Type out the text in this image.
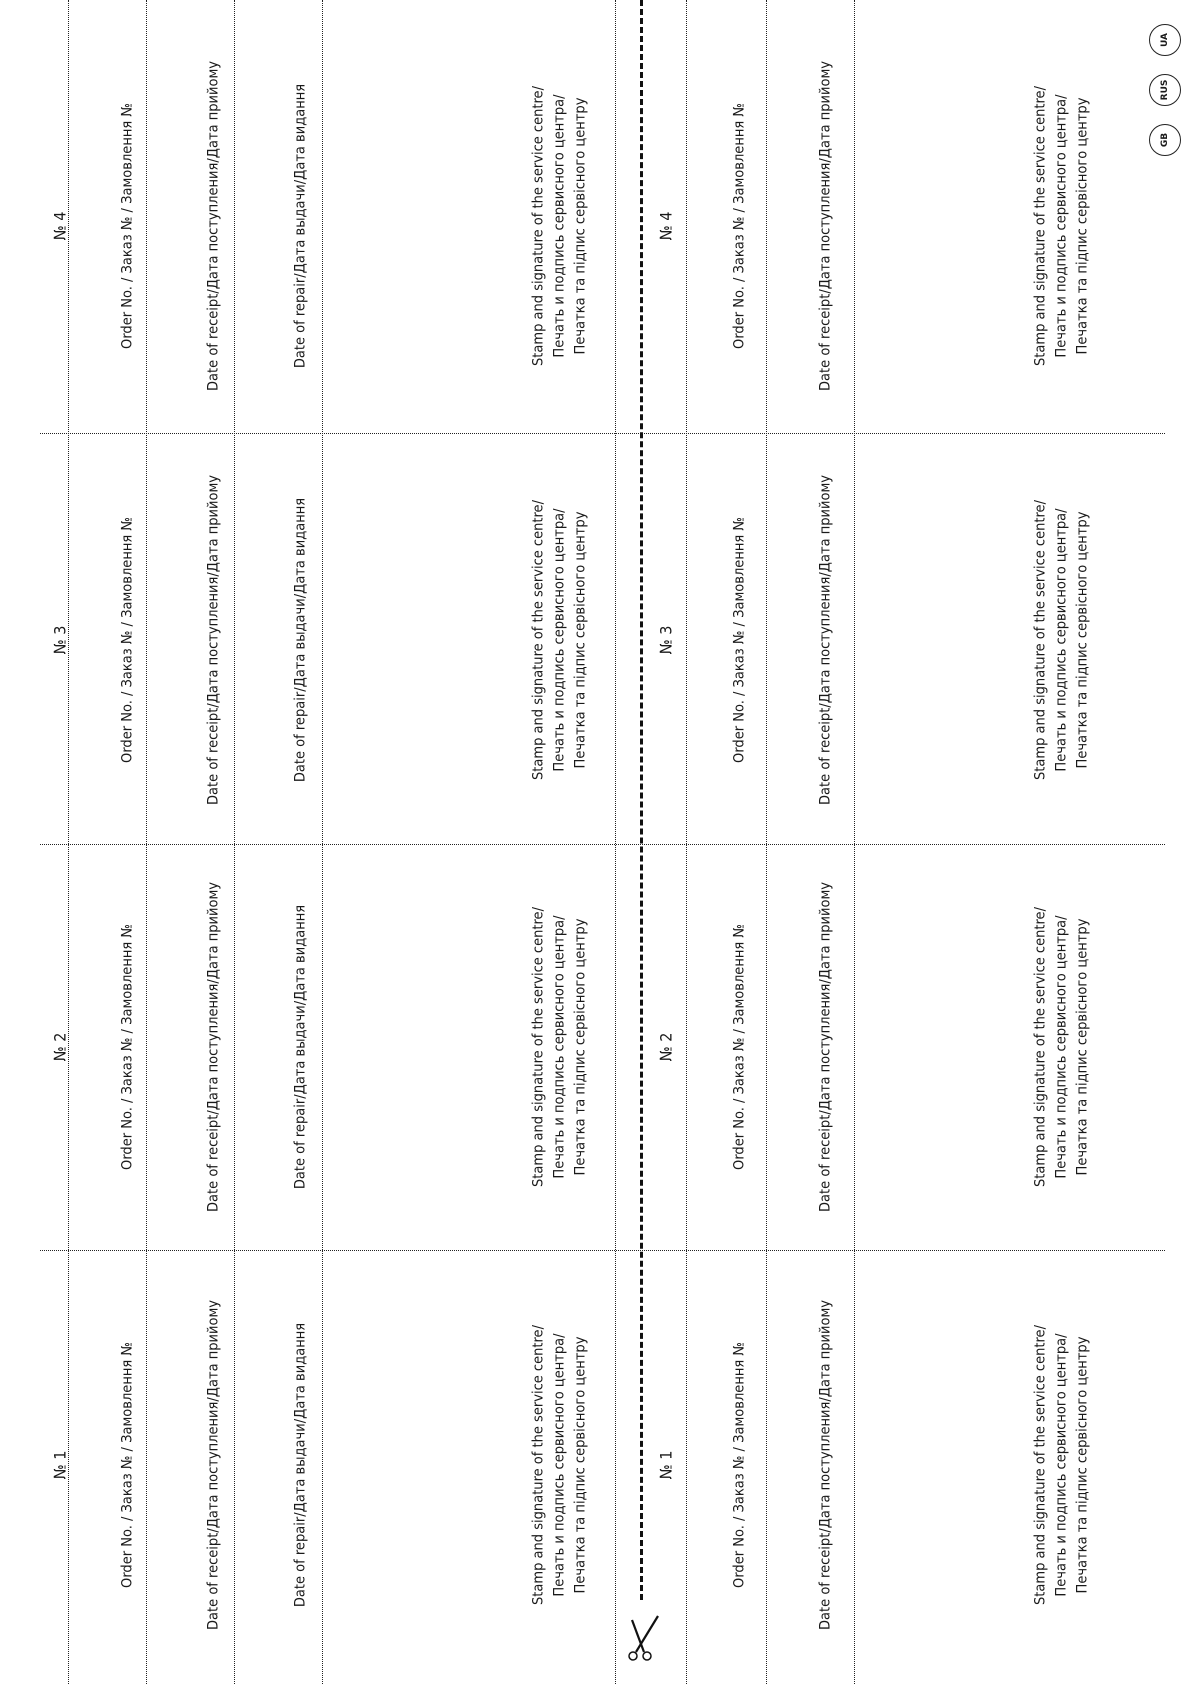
№ 1	Order No. / Заказ № / Замовлення №	Date of receipt/Дата поступления/Дата прийому	Date of repair/Дата выдачи/Дата видання	Stamp and signature of the service centre/ Печать и подпись сервисного центра/ Печатка та підпис сервісного центру	№ 1	Order No. / Заказ № / Замовлення №	Date of receipt/Дата поступления/Дата прийому	Stamp and signature of the service centre/ Печать и подпись сервисного центра/ Печатка та підпис сервісного центру
№ 2	Order No. / Заказ № / Замовлення №	Date of receipt/Дата поступления/Дата прийому	Date of repair/Дата выдачи/Дата видання	Stamp and signature of the service centre/ Печать и подпись сервисного центра/ Печатка та підпис сервісного центру	№ 2	Order No. / Заказ № / Замовлення №	Date of receipt/Дата поступления/Дата прийому	Stamp and signature of the service centre/ Печать и подпись сервисного центра/ Печатка та підпис сервісного центру
№ 3	Order No. / Заказ № / Замовлення №	Date of receipt/Дата поступления/Дата прийому	Date of repair/Дата выдачи/Дата видання	Stamp and signature of the service centre/ Печать и подпись сервисного центра/ Печатка та підпис сервісного центру	№ 3	Order No. / Заказ № / Замовлення №	Date of receipt/Дата поступления/Дата прийому	Stamp and signature of the service centre/ Печать и подпись сервисного центра/ Печатка та підпис сервісного центру
№ 4	Order No. / Заказ № / Замовлення №	Date of receipt/Дата поступления/Дата прийому	Date of repair/Дата выдачи/Дата видання	Stamp and signature of the service centre/ Печать и подпись сервисного центра/ Печатка та підпис сервісного центру	№ 4	Order No. / Заказ № / Замовлення №	Date of receipt/Дата поступления/Дата прийому	Stamp and signature of the service centre/ Печать и подпись сервисного центра/ Печатка та підпис сервісного центру	GB
RUS
UA
